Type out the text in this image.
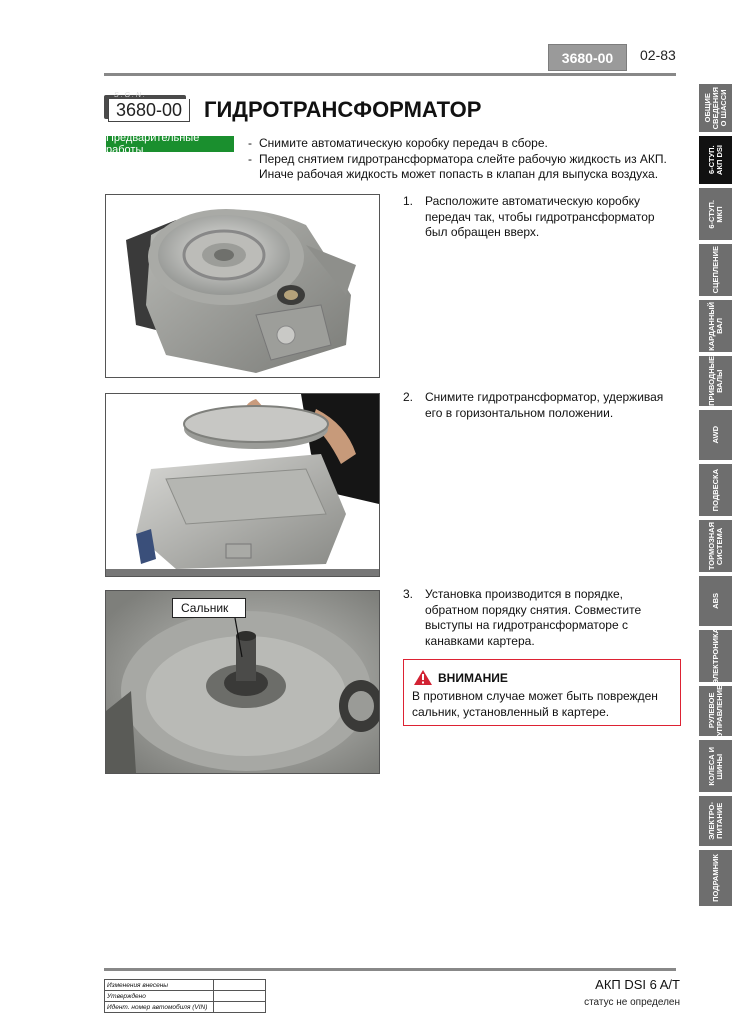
3680-00	02-83
S.G.N.
3680-00 ГИДРОТРАНСФОРМАТОР
Предварительные работы	- Снимите автоматическую коробку передач в сборе.
- Перед снятием гидротрансформатора слейте рабочую жидкость из АКП. Иначе рабочая жидкость может попасть в клапан для выпуска воздуха.
1. Расположите автоматическую коробку передач так, чтобы гидротрансформатор был обращен вверх.
2. Снимите гидротрансформатор, удерживая его в горизонтальном положении.
Сальник
3. Установка производится в порядке, обратном порядку снятия. Совместите выступы на гидротрансформаторе с канавками картера.
ВНИМАНИЕ
В противном случае может быть поврежден сальник, установленный в картере.
ОБЩИЕ
СВЕДЕНИЯ
О ШАССИ
6-СТУП.
АКП DSI
6-СТУП.
МКП
СЦЕПЛЕНИЕ
КАРДАННЫЙ
ВАЛ
ПРИВОДНЫЕ
ВАЛЫ
AWD
ПОДВЕСКА
ТОРМОЗНАЯ
СИСТЕМА
ABS
ЭЛЕКТРОНИКА
РУЛЕВОЕ
УПРАВЛЕНИЕ
КОЛЕСА И
ШИНЫ
ЭЛЕКТРО-
ПИТАНИЕ
ПОДРАМНИК
Изменения внесены	
Утверждено	
Идент. номер автомобиля (VIN)	
АКП DSI 6 A/T
статус не определен
